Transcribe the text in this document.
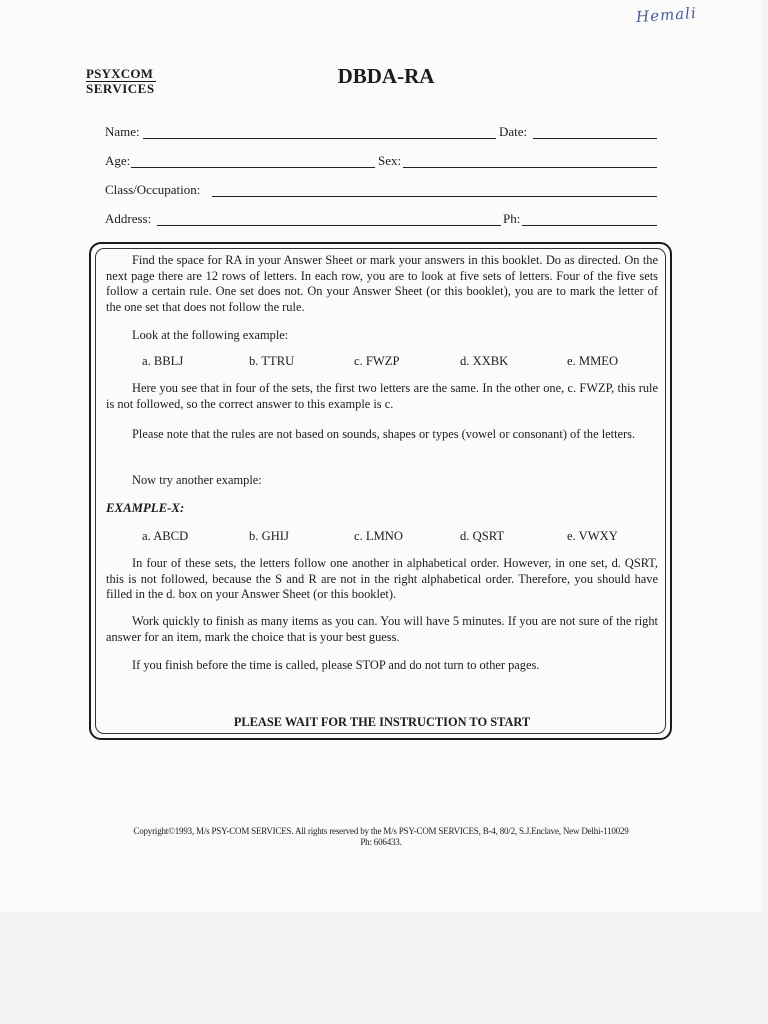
Hemali
PSYXCOM
SERVICES
DBDA-RA
Name:	Date:
Age:	Sex:
Class/Occupation:
Address:	Ph:

Find the space for RA in your Answer Sheet or mark your answers in this booklet. Do as directed. On the next page there are 12 rows of letters. In each row, you are to look at five sets of letters. Four of the five sets follow a certain rule. One set does not. On your Answer Sheet (or this booklet), you are to mark the letter of the one set that does not follow the rule.

Look at the following example:

a. BBLJ	b. TTRU	c. FWZP	d. XXBK	e. MMEO

Here you see that in four of the sets, the first two letters are the same. In the other one, c. FWZP, this rule is not followed, so the correct answer to this example is c.

Please note that the rules are not based on sounds, shapes or types (vowel or consonant) of the letters.

Now try another example:

EXAMPLE-X:
a. ABCD	b. GHIJ	c. LMNO	d. QSRT	e. VWXY

In four of these sets, the letters follow one another in alphabetical order. However, in one set, d. QSRT, this is not followed, because the S and R are not in the right alphabetical order. Therefore, you should have filled in the d. box on your Answer Sheet (or this booklet).

Work quickly to finish as many items as you can. You will have 5 minutes. If you are not sure of the right answer for an item, mark the choice that is your best guess.

If you finish before the time is called, please STOP and do not turn to other pages.

PLEASE WAIT FOR THE INSTRUCTION TO START
Copyright©1993, M/s PSY-COM SERVICES. All rights reserved by the M/s PSY-COM SERVICES, B-4, 80/2, S.J.Enclave, New Delhi-110029
Ph: 606433.
